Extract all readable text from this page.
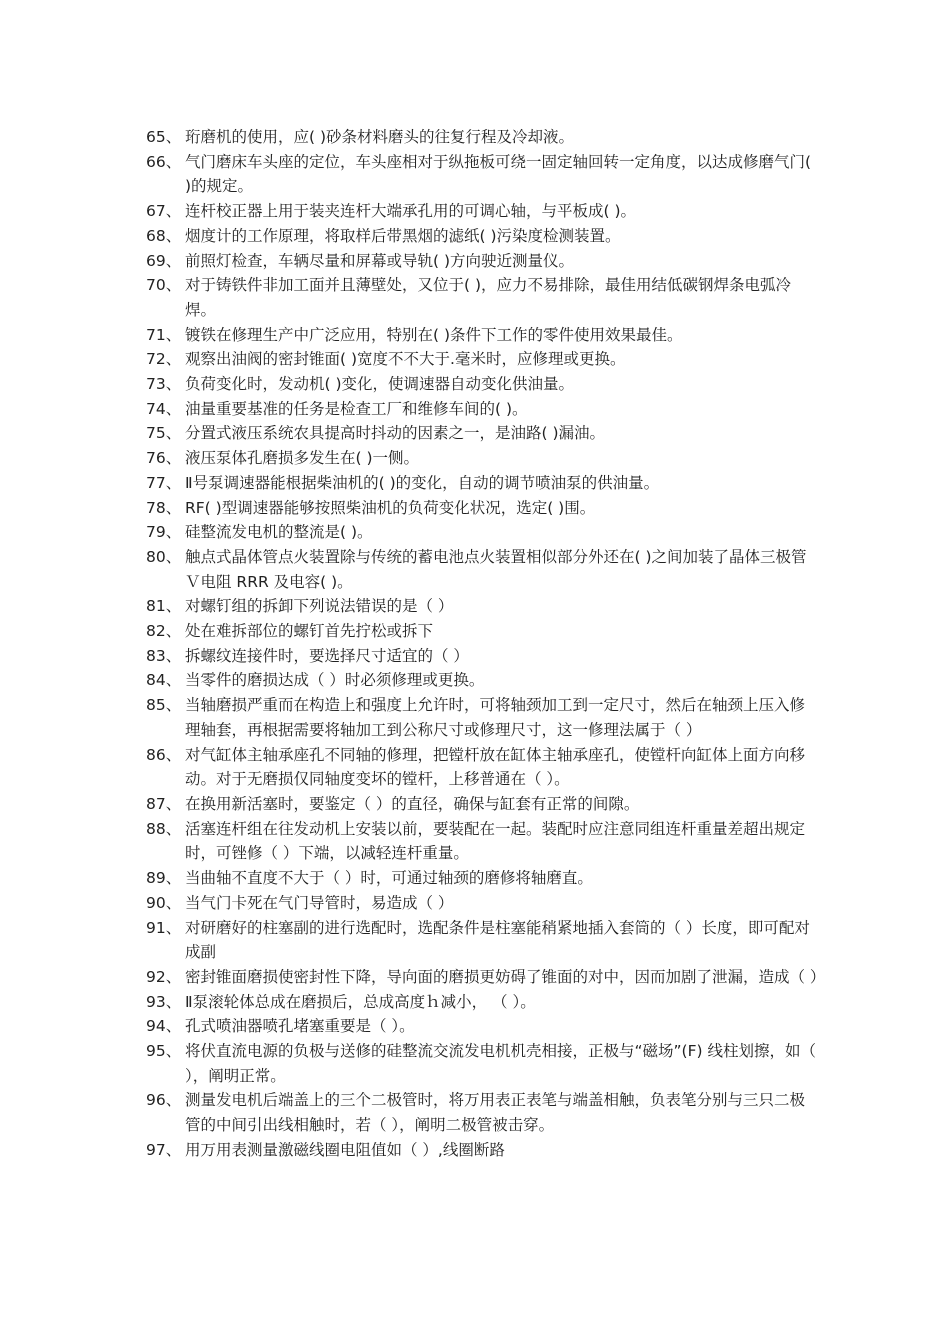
65、 珩磨机的使用，应( )砂条材料磨头的往复行程及冷却液。
66、 气门磨床车头座的定位，车头座相对于纵拖板可绕一固定轴回转一定角度，以达成修磨气门( )的规定。
67、 连杆校正器上用于装夹连杆大端承孔用的可调心轴，与平板成( )。
68、 烟度计的工作原理，将取样后带黑烟的滤纸( )污染度检测装置。
69、 前照灯检查，车辆尽量和屏幕或导轨( )方向驶近测量仪。
70、 对于铸铁件非加工面并且薄壁处，又位于( )，应力不易排除，最佳用结低碳钢焊条电弧冷焊。
71、 镀铁在修理生产中广泛应用，特别在( )条件下工作的零件使用效果最佳。
72、 观察出油阀的密封锥面( )宽度不不大于.毫米时，应修理或更换。
73、 负荷变化时，发动机( )变化，使调速器自动变化供油量。
74、 油量重要基准的任务是检查工厂和维修车间的( )。
75、 分置式液压系统农具提高时抖动的因素之一，是油路( )漏油。
76、 液压泵体孔磨损多发生在( )一侧。
77、 Ⅱ号泵调速器能根据柴油机的( )的变化，自动的调节喷油泵的供油量。
78、 RF( )型调速器能够按照柴油机的负荷变化状况，选定( )围。
79、 硅整流发电机的整流是( )。
80、 触点式晶体管点火装置除与传统的蓄电池点火装置相似部分外还在( )之间加装了晶体三极管Ｖ电阻 RRR 及电容( )。
81、 对螺钉组的拆卸下列说法错误的是（ ）
82、 处在难拆部位的螺钉首先拧松或拆下
83、 拆螺纹连接件时，要选择尺寸适宜的（ ）
84、 当零件的磨损达成（ ）时必须修理或更换。
85、 当轴磨损严重而在构造上和强度上允许时，可将轴颈加工到一定尺寸，然后在轴颈上压入修理轴套，再根据需要将轴加工到公称尺寸或修理尺寸，这一修理法属于（ ）
86、 对气缸体主轴承座孔不同轴的修理，把镗杆放在缸体主轴承座孔，使镗杆向缸体上面方向移动。对于无磨损仅同轴度变坏的镗杆，上移普通在（ ）。
87、 在换用新活塞时，要鉴定（ ）的直径，确保与缸套有正常的间隙。
88、 活塞连杆组在往发动机上安装以前，要装配在一起。装配时应注意同组连杆重量差超出规定时，可锉修（ ）下端，以减轻连杆重量。
89、 当曲轴不直度不大于（ ）时，可通过轴颈的磨修将轴磨直。
90、 当气门卡死在气门导管时，易造成（ ）
91、 对研磨好的柱塞副的进行选配时，选配条件是柱塞能稍紧地插入套筒的（ ）长度，即可配对成副
92、 密封锥面磨损使密封性下降，导向面的磨损更妨碍了锥面的对中，因而加剧了泄漏，造成（ ）
93、 Ⅱ泵滚轮体总成在磨损后，总成高度ｈ减小， （ ）。
94、 孔式喷油器喷孔堵塞重要是（ ）。
95、 将伏直流电源的负极与送修的硅整流交流发电机机壳相接，正极与“磁场”(F) 线柱划擦，如（ ），阐明正常。
96、 测量发电机后端盖上的三个二极管时，将万用表正表笔与端盖相触，负表笔分别与三只二极管的中间引出线相触时，若（ ），阐明二极管被击穿。
97、 用万用表测量激磁线圈电阻值如（ ）,线圈断路
